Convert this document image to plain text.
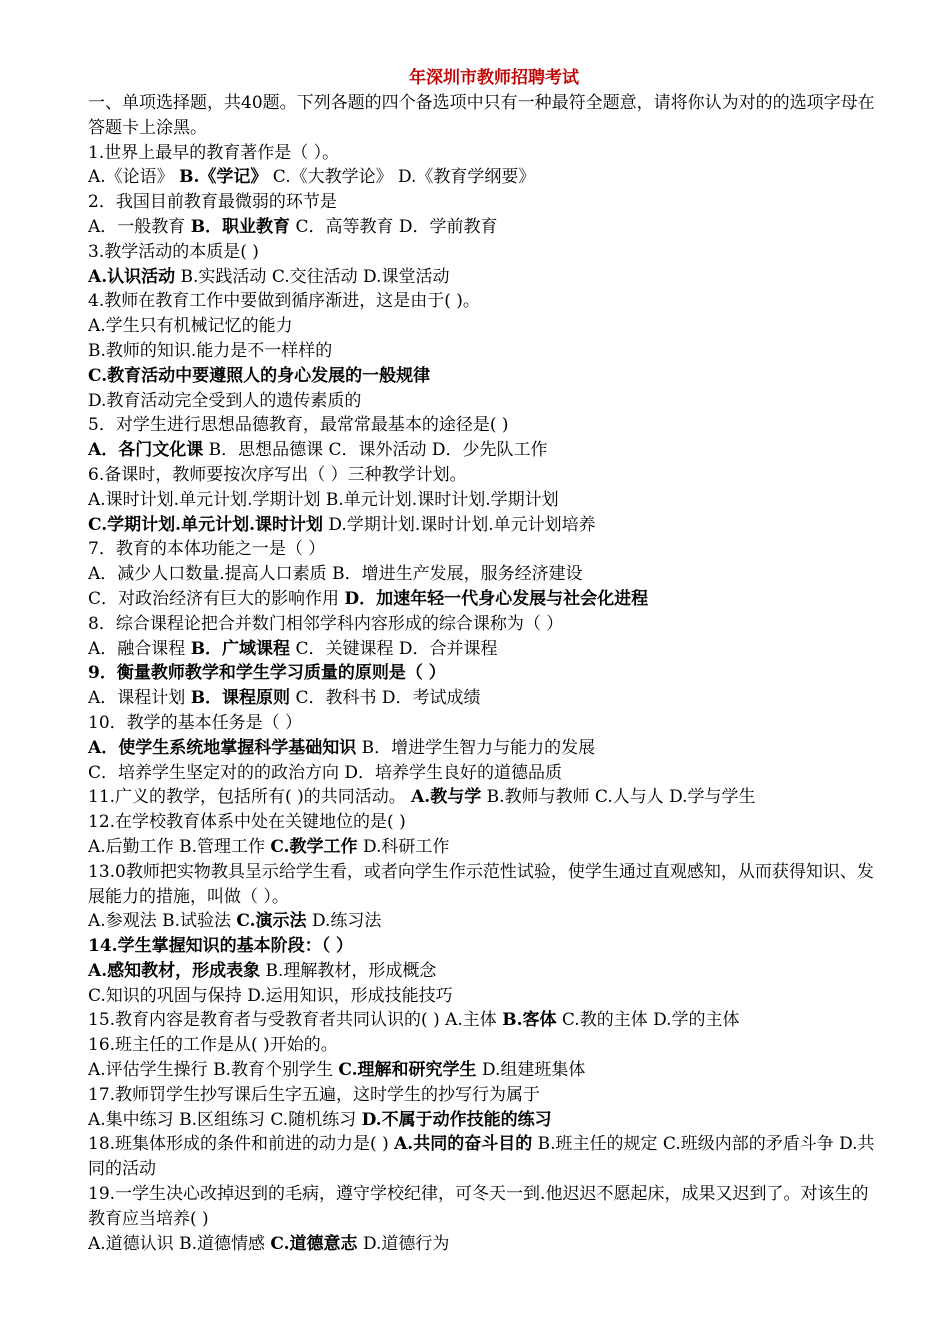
年深圳市教师招聘考试
一、单项选择题，共40题。下列各题的四个备选项中只有一种最符全题意，请将你认为对的的选项字母在答题卡上涂黑。
1.世界上最早的教育著作是（ ）。
A.《论语》 B.《学记》 C.《大教学论》 D.《教育学纲要》
2．我国目前教育最微弱的环节是
A．一般教育 B．职业教育 C．高等教育 D．学前教育
3.教学活动的本质是( )
A.认识活动 B.实践活动 C.交往活动 D.课堂活动
4.教师在教育工作中要做到循序渐进，这是由于( )。
A.学生只有机械记忆的能力
B.教师的知识.能力是不一样样的
C.教育活动中要遵照人的身心发展的一般规律
D.教育活动完全受到人的遗传素质的
5．对学生进行思想品德教育，最常常最基本的途径是( )
A．各门文化课 B．思想品德课 C．课外活动 D．少先队工作
6.备课时，教师要按次序写出（ ）三种教学计划。
A.课时计划.单元计划.学期计划 B.单元计划.课时计划.学期计划
C.学期计划.单元计划.课时计划 D.学期计划.课时计划.单元计划培养
7．教育的本体功能之一是（ ）
A．减少人口数量.提高人口素质 B．增进生产发展，服务经济建设
C．对政治经济有巨大的影响作用 D．加速年轻一代身心发展与社会化进程
8．综合课程论把合并数门相邻学科内容形成的综合课称为（ ）
A．融合课程 B．广域课程 C．关键课程 D．合并课程
9．衡量教师教学和学生学习质量的原则是（ ）
A．课程计划 B．课程原则 C．教科书 D．考试成绩
10．教学的基本任务是（ ）
A．使学生系统地掌握科学基础知识 B．增进学生智力与能力的发展
C．培养学生坚定对的的政治方向 D．培养学生良好的道德品质
11.广义的教学，包括所有( )的共同活动。 A.教与学 B.教师与教师 C.人与人 D.学与学生
12.在学校教育体系中处在关键地位的是( )
A.后勤工作 B.管理工作 C.教学工作 D.科研工作
13.0教师把实物教具呈示给学生看，或者向学生作示范性试验，使学生通过直观感知，从而获得知识、发展能力的措施，叫做（ ）。
A.参观法 B.试验法 C.演示法 D.练习法
14.学生掌握知识的基本阶段：（ ）
A.感知教材，形成表象 B.理解教材，形成概念
C.知识的巩固与保持 D.运用知识，形成技能技巧
15.教育内容是教育者与受教育者共同认识的( ) A.主体 B.客体 C.教的主体 D.学的主体
16.班主任的工作是从( )开始的。
A.评估学生操行 B.教育个别学生 C.理解和研究学生 D.组建班集体
17.教师罚学生抄写课后生字五遍，这时学生的抄写行为属于
A.集中练习 B.区组练习 C.随机练习 D.不属于动作技能的练习
18.班集体形成的条件和前进的动力是( ) A.共同的奋斗目的 B.班主任的规定 C.班级内部的矛盾斗争 D.共同的活动
19.一学生决心改掉迟到的毛病，遵守学校纪律，可冬天一到.他迟迟不愿起床，成果又迟到了。对该生的教育应当培养( )
A.道德认识 B.道德情感 C.道德意志 D.道德行为
